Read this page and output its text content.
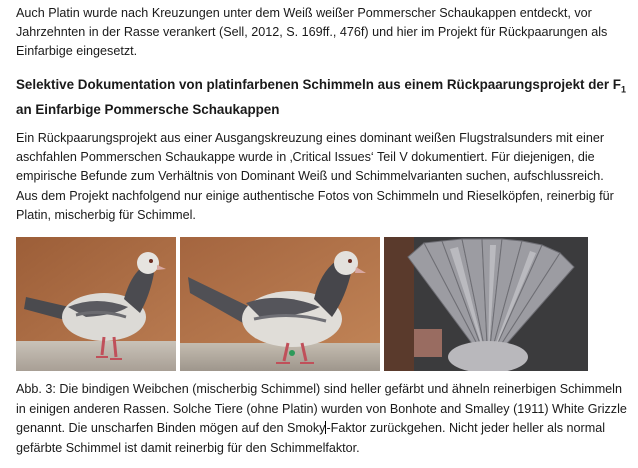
Auch Platin wurde nach Kreuzungen unter dem Weiß weißer Pommerscher Schaukappen entdeckt, vor Jahrzehnten in der Rasse verankert (Sell, 2012, S. 169ff., 476f) und hier im Projekt für Rückpaarungen als Einfarbige eingesetzt.

Selektive Dokumentation von platinfarbenen Schimmeln aus einem Rückpaarungsprojekt der $F_1$ an Einfarbige Pommersche Schaukappen

Ein Rückpaarungsprojekt aus einer Ausgangskreuzung eines dominant weißen Flugstralsunders mit einer aschfahlen Pommerschen Schaukappe wurde in ‚Critical Issues‘ Teil V dokumentiert. Für diejenigen, die empirische Befunde zum Verhältnis von Dominant Weiß und Schimmelvarianten suchen, aufschlussreich. Aus dem Projekt nachfolgend nur einige authentische Fotos von Schimmeln und Rieselköpfen, reinerbig für Platin, mischerbig für Schimmel.

Abb. 3: Die bindigen Weibchen (mischerbig Schimmel) sind heller gefärbt und ähneln reinerbigen Schimmeln in einigen anderen Rassen. Solche Tiere (ohne Platin) wurden von Bonhote and Smalley (1911) White Grizzle genannt. Die unscharfen Binden mögen auf den Smoky-Faktor zurückgehen. Nicht jeder heller als normal gefärbte Schimmel ist damit reinerbig für den Schimmelfaktor.
